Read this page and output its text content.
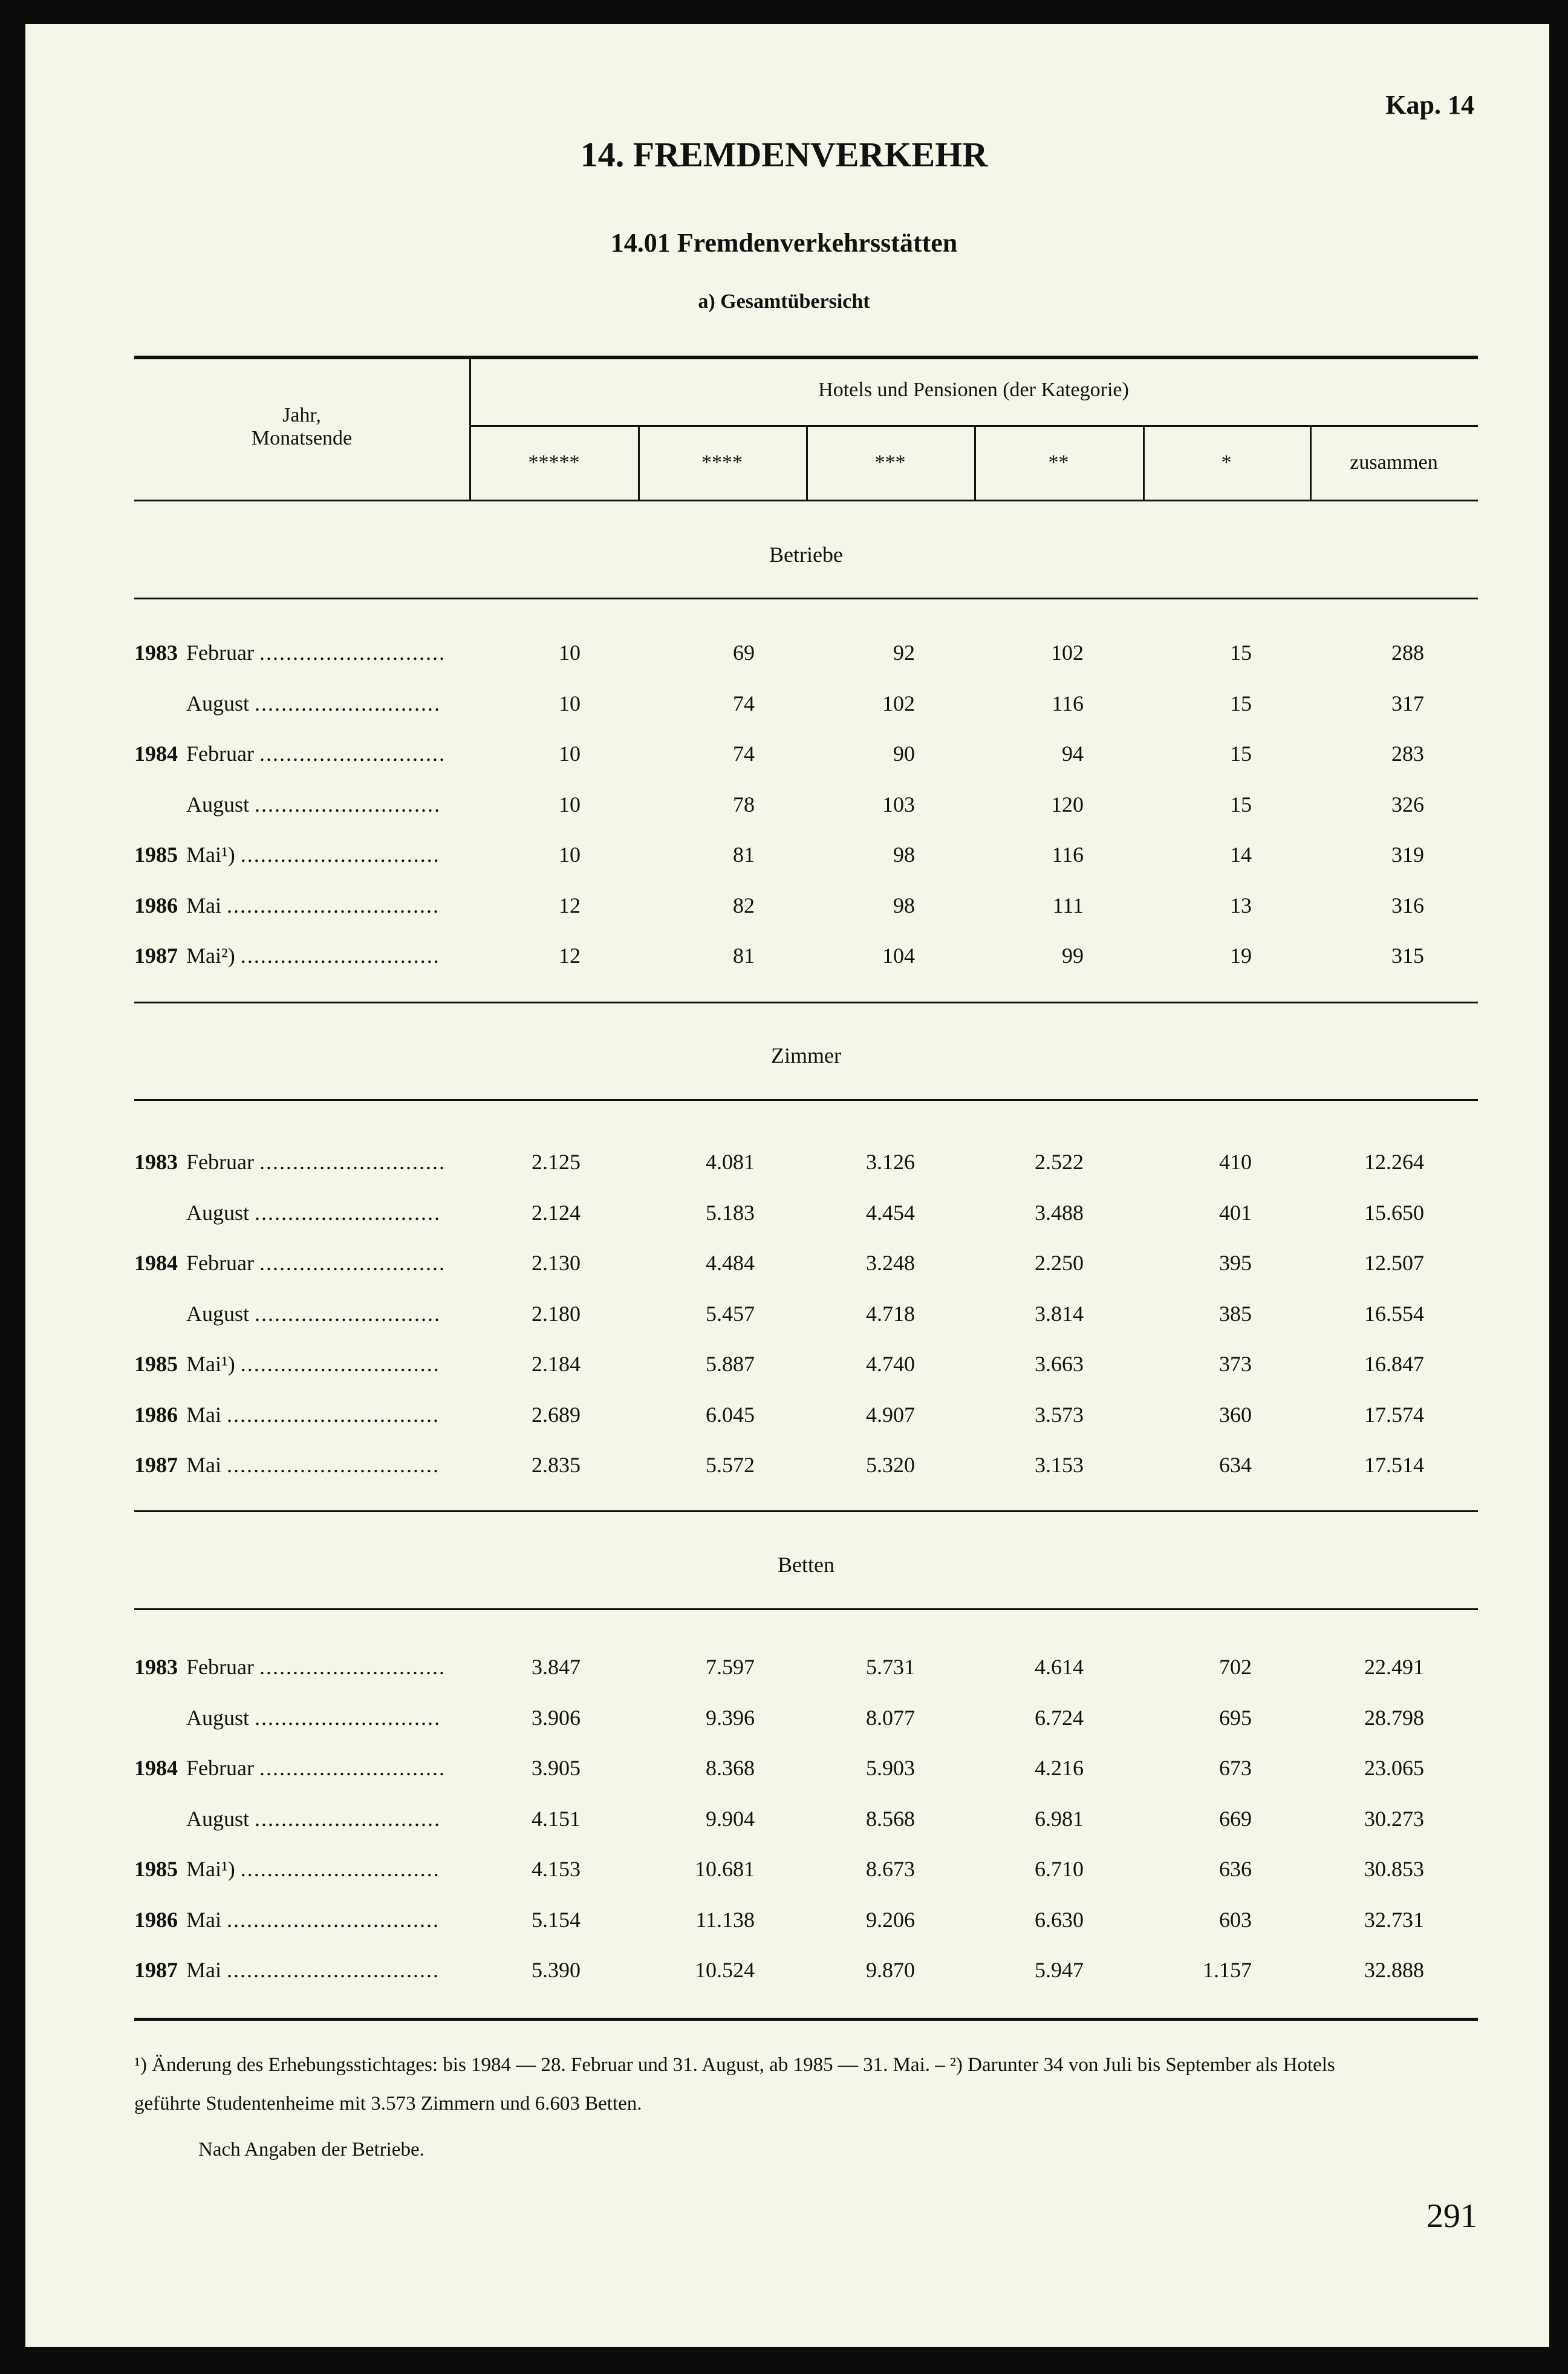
Kap. 14
14. FREMDENVERKEHR
14.01 Fremdenverkehrsstätten
a) Gesamtübersicht
Jahr,
Monatsende
Hotels und Pensionen (der Kategorie)
*****	****	***	**	*	zusammen
Betriebe
1983 Februar ............................	10	69	92	102	15	288
August ............................	10	74	102	116	15	317
1984 Februar ............................	10	74	90	94	15	283
August ............................	10	78	103	120	15	326
1985 Mai¹) ..............................	10	81	98	116	14	319
1986 Mai ................................	12	82	98	111	13	316
1987 Mai²) ..............................	12	81	104	99	19	315
Zimmer
1983 Februar ............................	2.125	4.081	3.126	2.522	410	12.264
August ............................	2.124	5.183	4.454	3.488	401	15.650
1984 Februar ............................	2.130	4.484	3.248	2.250	395	12.507
August ............................	2.180	5.457	4.718	3.814	385	16.554
1985 Mai¹) ..............................	2.184	5.887	4.740	3.663	373	16.847
1986 Mai ................................	2.689	6.045	4.907	3.573	360	17.574
1987 Mai ................................	2.835	5.572	5.320	3.153	634	17.514
Betten
1983 Februar ............................	3.847	7.597	5.731	4.614	702	22.491
August ............................	3.906	9.396	8.077	6.724	695	28.798
1984 Februar ............................	3.905	8.368	5.903	4.216	673	23.065
August ............................	4.151	9.904	8.568	6.981	669	30.273
1985 Mai¹) ..............................	4.153	10.681	8.673	6.710	636	30.853
1986 Mai ................................	5.154	11.138	9.206	6.630	603	32.731
1987 Mai ................................	5.390	10.524	9.870	5.947	1.157	32.888
¹) Änderung des Erhebungsstichtages: bis 1984 — 28. Februar und 31. August, ab 1985 — 31. Mai. – ²) Darunter 34 von Juli bis September als Hotels
geführte Studentenheime mit 3.573 Zimmern und 6.603 Betten.
Nach Angaben der Betriebe.
291
